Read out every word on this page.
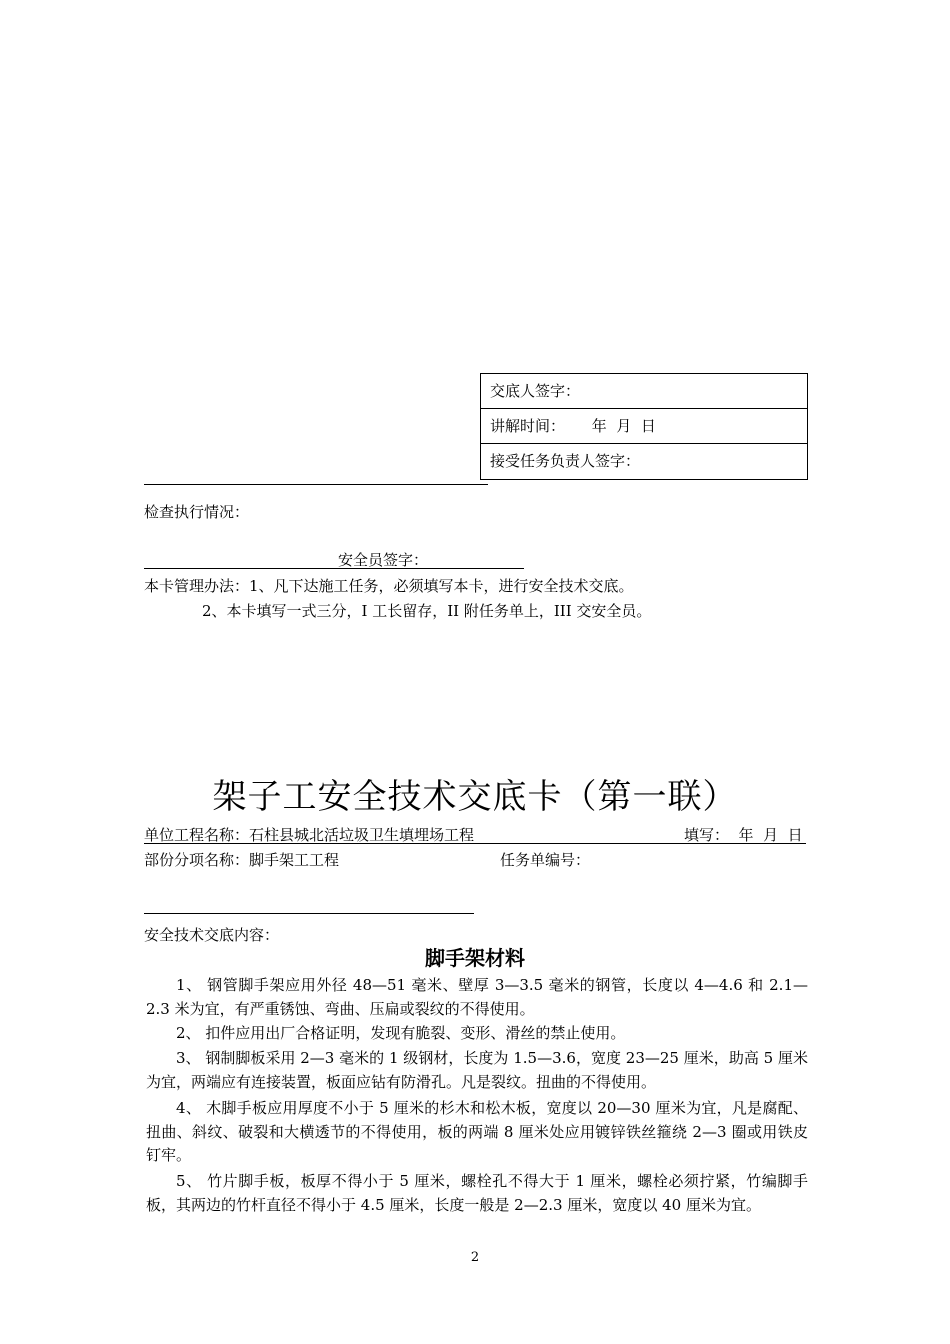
交底人签字：
讲解时间： 年  月  日
接受任务负责人签字：
检查执行情况：
安全员签字：
本卡管理办法：1、凡下达施工任务，必须填写本卡，进行安全技术交底。
2、本卡填写一式三分，I 工长留存，II 附任务单上，III 交安全员。
架子工安全技术交底卡（第一联）
单位工程名称：石柱县城北活垃圾卫生填埋场工程	填写：  年  月  日
部份分项名称：脚手架工工程	任务单编号：
安全技术交底内容：
脚手架材料
1、 钢管脚手架应用外径 48—51 毫米、壁厚 3—3.5 毫米的钢管，长度以 4—4.6 和 2.1—2.3 米为宜，有严重锈蚀、弯曲、压扁或裂纹的不得使用。
2、 扣件应用出厂合格证明，发现有脆裂、变形、滑丝的禁止使用。
3、 钢制脚板采用 2—3 毫米的 1 级钢材，长度为 1.5—3.6，宽度 23—25 厘米，助高 5 厘米为宜，两端应有连接装置，板面应钻有防滑孔。凡是裂纹。扭曲的不得使用。
4、 木脚手板应用厚度不小于 5 厘米的杉木和松木板，宽度以 20—30 厘米为宜，凡是腐配、扭曲、斜纹、破裂和大横透节的不得使用，板的两端 8 厘米处应用镀锌铁丝箍绕 2—3 圈或用铁皮钉牢。
5、 竹片脚手板，板厚不得小于 5 厘米，螺栓孔不得大于 1 厘米，螺栓必须拧紧，竹编脚手板，其两边的竹杆直径不得小于 4.5 厘米，长度一般是 2—2.3 厘米，宽度以 40 厘米为宜。
2
